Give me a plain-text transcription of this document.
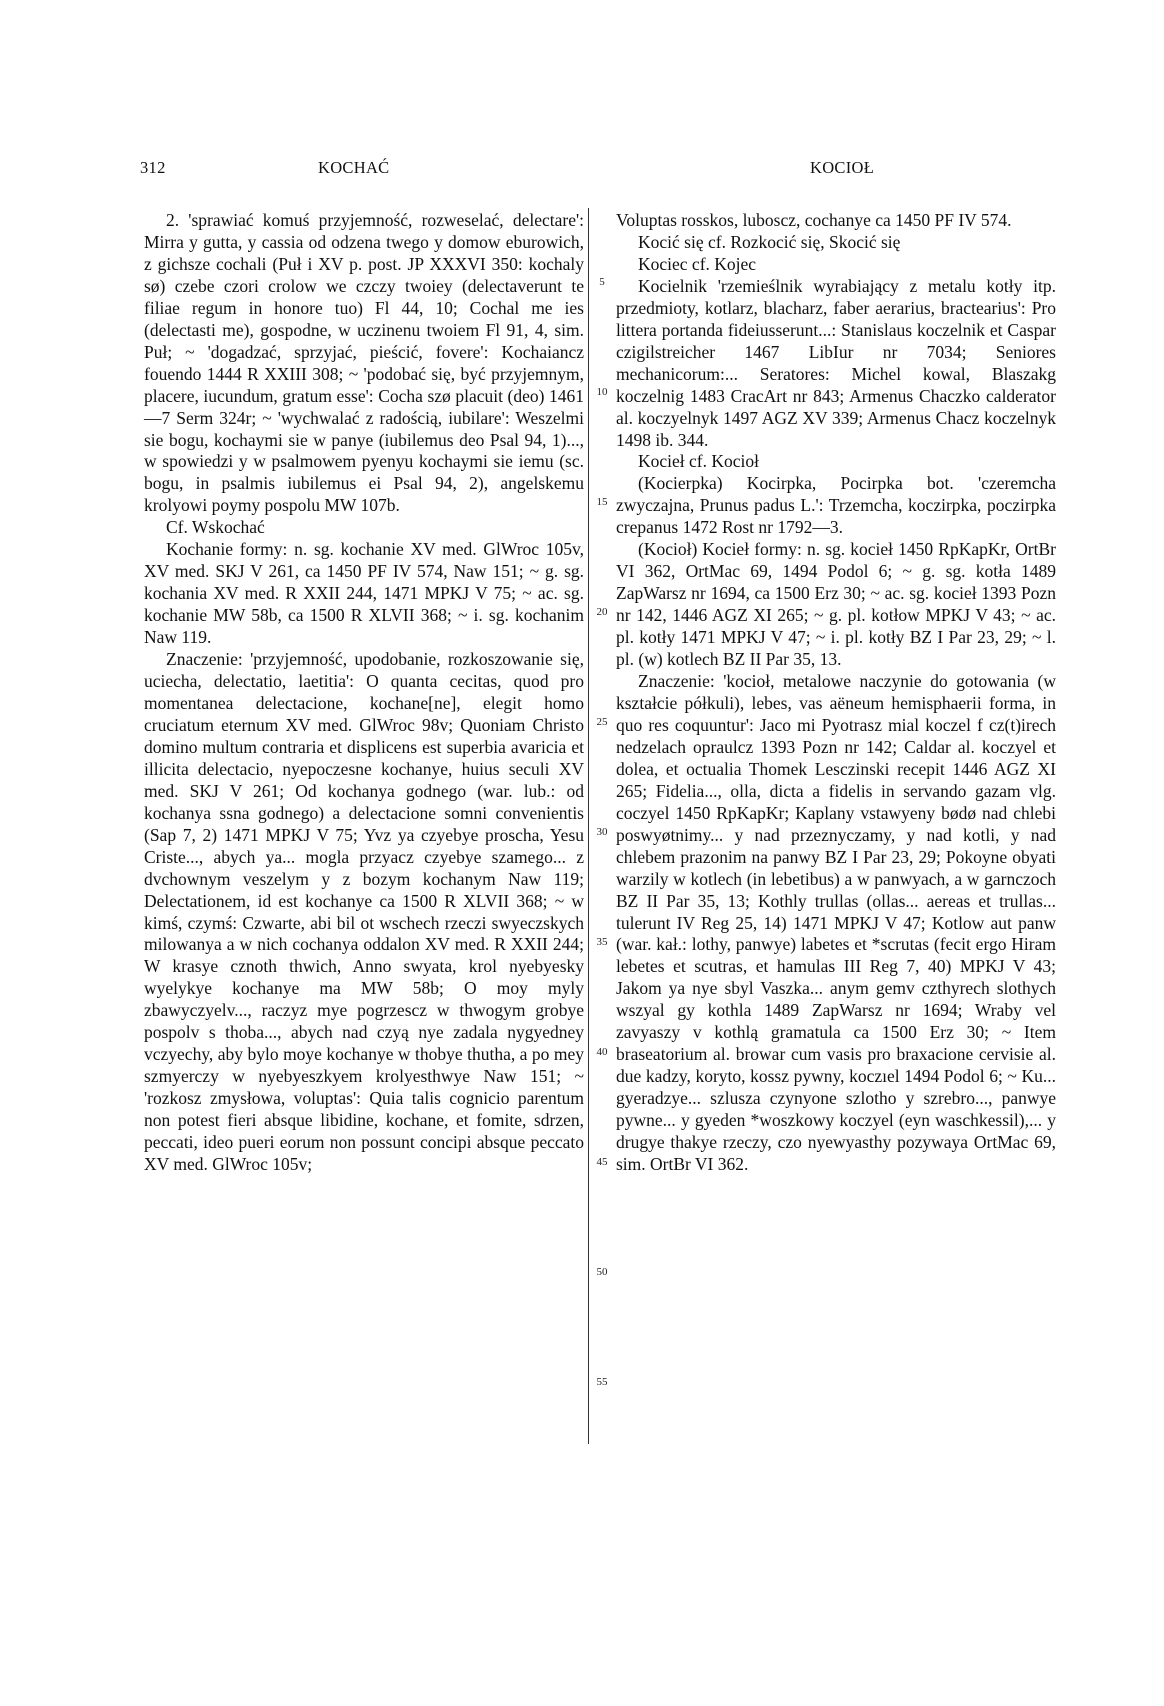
312	KOCHAĆ	KOCIOŁ

2. 'sprawiać komuś przyjemność, rozweselać, delectare': Mirra y gutta, y cassia od odzena twego y domow eburowich, z gichsze cochali (Puł i XV p. post. JP XXXVI 350: kochaly sø) czebe czori crolow we czczy twoiey (delectaverunt te filiae regum in honore tuo) Fl 44, 10; Cochal me ies (delectasti me), gospodne, w uczinenu twoiem Fl 91, 4, sim. Puł; ~ 'dogadzać, sprzyjać, pieścić, fovere': Kochaiancz fouendo 1444 R XXIII 308; ~ 'podobać się, być przyjemnym, placere, iucundum, gratum esse': Cocha szø placuit (deo) 1461—7 Serm 324r; ~ 'wychwalać z radością, iubilare': Weszelmi sie bogu, kochaymi sie w panye (iubilemus deo Psal 94, 1)..., w spowiedzi y w psalmowem pyenyu kochaymi sie iemu (sc. bogu, in psalmis iubilemus ei Psal 94, 2), angelskemu krolyowi poymy pospolu MW 107b.

Cf. Wskochać

Kochanie formy: n. sg. kochanie XV med. GlWroc 105v, XV med. SKJ V 261, ca 1450 PF IV 574, Naw 151; ~ g. sg. kochania XV med. R XXII 244, 1471 MPKJ V 75; ~ ac. sg. kochanie MW 58b, ca 1500 R XLVII 368; ~ i. sg. kochanim Naw 119.

Znaczenie: 'przyjemność, upodobanie, rozkoszowanie się, uciecha, delectatio, laetitia': O quanta cecitas, quod pro momentanea delectacione, kochane[ne], elegit homo cruciatum eternum XV med. GlWroc 98v; Quoniam Christo domino multum contraria et displicens est superbia avaricia et illicita delectacio, nyepoczesne kochanye, huius seculi XV med. SKJ V 261; Od kochanya godnego (war. lub.: od kochanya ssna godnego) a delectacione somni convenientis (Sap 7, 2) 1471 MPKJ V 75; Yvz ya czyebye proscha, Yesu Criste..., abych ya... mogla przyacz czyebye szamego... z dvchownym veszelym y z bozym kochanym Naw 119; Delectationem, id est kochanye ca 1500 R XLVII 368; ~ w kimś, czymś: Czwarte, abi bil ot wschech rzeczi swyeczskych milowanya a w nich cochanya oddalon XV med. R XXII 244; W krasye cznoth thwich, Anno swyata, krol nyebyesky wyelykye kochanye ma MW 58b; O moy myly zbawyczyelv..., raczyz mye pogrzescz w thwogym grobye pospolv s thoba..., abych nad czyą nye zadala nygyedney vczyechy, aby bylo moye kochanye w thobye thutha, a po mey szmyerczy w nyebyeszkyem krolyesthwye Naw 151; ~ 'rozkosz zmysłowa, voluptas': Quia talis cognicio parentum non potest fieri absque libidine, kochane, et fomite, sdrzen, peccati, ideo pueri eorum non possunt concipi absque peccato XV med. GlWroc 105v;

5
10
15
20
25
30
35
40
45
50
55

Voluptas rosskos, luboscz, cochanye ca 1450 PF IV 574.

Kocić się cf. Rozkocić się, Skocić się

Kociec cf. Kojec

Kocielnik 'rzemieślnik wyrabiający z metalu kotły itp. przedmioty, kotlarz, blacharz, faber aerarius, bractearius': Pro littera portanda fideiusserunt...: Stanislaus koczelnik et Caspar czigilstreicher 1467 LibIur nr 7034; Seniores mechanicorum:... Seratores: Michel kowal, Blaszakg koczelnig 1483 CracArt nr 843; Armenus Chaczko calderator al. koczyelnyk 1497 AGZ XV 339; Armenus Chacz koczelnyk 1498 ib. 344.

Kocieł cf. Kocioł

(Kocierpka) Kocirpka, Pocirpka bot. 'czeremcha zwyczajna, Prunus padus L.': Trzemcha, koczirpka, poczirpka crepanus 1472 Rost nr 1792—3.

(Kocioł) Kocieł formy: n. sg. kocieł 1450 RpKapKr, OrtBr VI 362, OrtMac 69, 1494 Podol 6; ~ g. sg. kotła 1489 ZapWarsz nr 1694, ca 1500 Erz 30; ~ ac. sg. kocieł 1393 Pozn nr 142, 1446 AGZ XI 265; ~ g. pl. kotłow MPKJ V 43; ~ ac. pl. kotły 1471 MPKJ V 47; ~ i. pl. kotły BZ I Par 23, 29; ~ l. pl. (w) kotlech BZ II Par 35, 13.

Znaczenie: 'kocioł, metalowe naczynie do gotowania (w kształcie półkuli), lebes, vas aëneum hemisphaerii forma, in quo res coquuntur': Jaco mi Pyotrasz mial koczel f cz(t)irech nedzelach opraulcz 1393 Pozn nr 142; Caldar al. koczyel et dolea, et octualia Thomek Lesczinski recepit 1446 AGZ XI 265; Fidelia..., olla, dicta a fidelis in servando gazam vlg. coczyel 1450 RpKapKr; Kaplany vstawyeny bødø nad chlebi poswyøtnimy... y nad przeznyczamy, y nad kotli, y nad chlebem prazonim na panwy BZ I Par 23, 29; Pokoyne obyati warzily w kotlech (in lebetibus) a w panwyach, a w garnczoch BZ II Par 35, 13; Kothly trullas (ollas... aereas et trullas... tulerunt IV Reg 25, 14) 1471 MPKJ V 47; Kotlow aut panw (war. kał.: lothy, panwye) labetes et *scrutas (fecit ergo Hiram lebetes et scutras, et hamulas III Reg 7, 40) MPKJ V 43; Jakom ya nye sbyl Vaszka... anym gemv czthyrech slothych wszyal gy kothla 1489 ZapWarsz nr 1694; Wraby vel zavyaszy v kothlą gramatula ca 1500 Erz 30; ~ Item braseatorium al. browar cum vasis pro braxacione cervisie al. due kadzy, koryto, kossz pywny, koczıel 1494 Podol 6; ~ Ku... gyeradzye... szlusza czynyone szlotho y szrebro..., panwye pywne... y gyeden *woszkowy koczyel (eyn waschkessil),... y drugye thakye rzeczy, czo nyewyasthy pozywaya OrtMac 69, sim. OrtBr VI 362.
